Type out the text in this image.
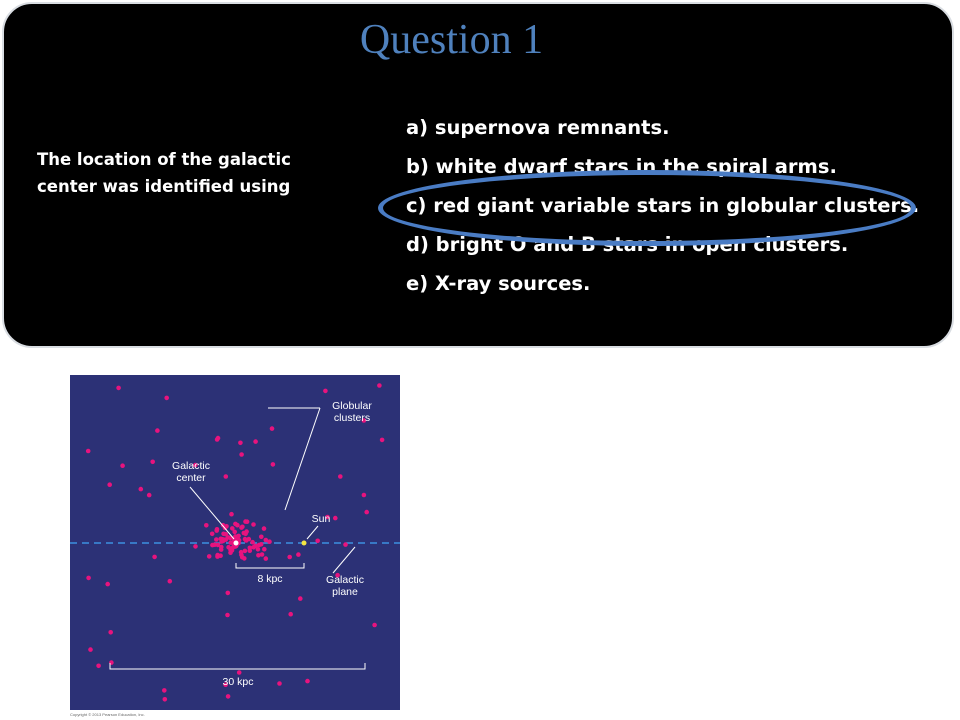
Question 1
The location of the galactic center was identified using
a) supernova remnants.
b) white dwarf stars in the spiral arms.
c) red giant variable stars in globular clusters.
d) bright O and B stars in open clusters.
e) X-ray sources.
Globular
clusters
Galactic
center
Sun
Galactic
plane
8 kpc
30 kpc
Copyright © 2013 Pearson Education, Inc.
